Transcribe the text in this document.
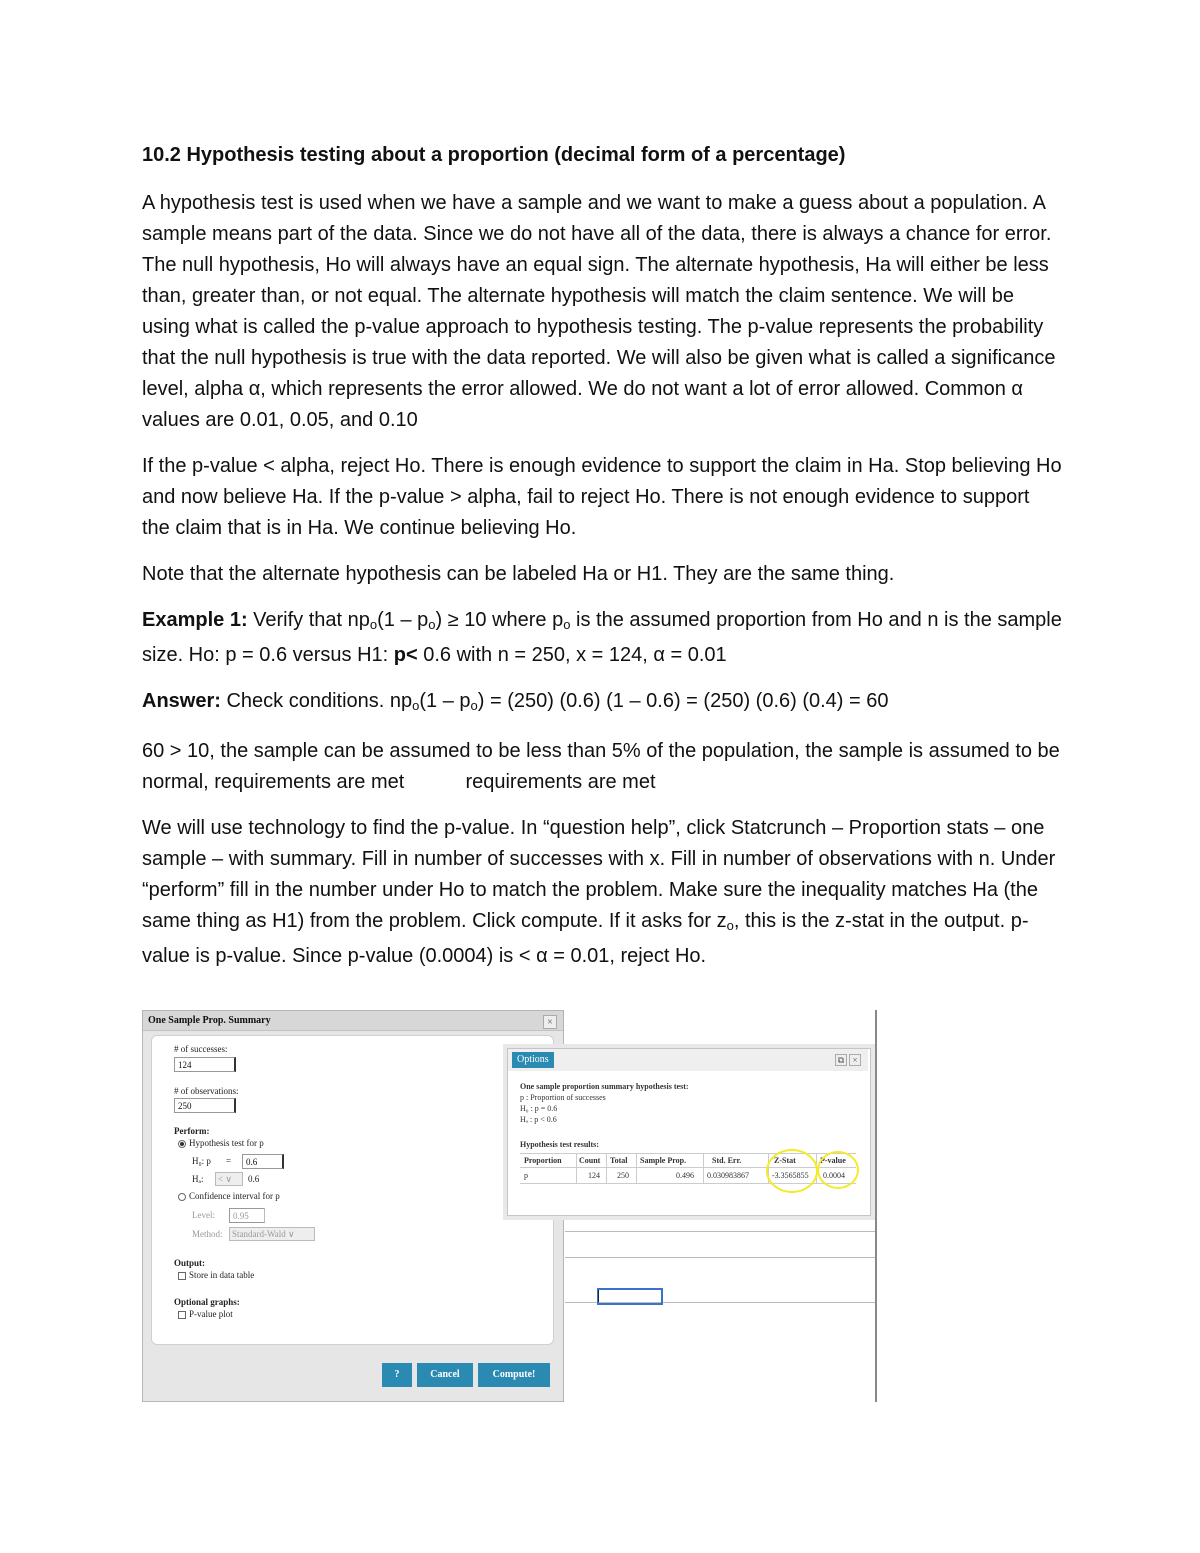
10.2 Hypothesis testing about a proportion (decimal form of a percentage)

A hypothesis test is used when we have a sample and we want to make a guess about a population. A sample means part of the data. Since we do not have all of the data, there is always a chance for error. The null hypothesis, Ho will always have an equal sign. The alternate hypothesis, Ha will either be less than, greater than, or not equal. The alternate hypothesis will match the claim sentence. We will be using what is called the p-value approach to hypothesis testing. The p-value represents the probability that the null hypothesis is true with the data reported. We will also be given what is called a significance level, alpha α, which represents the error allowed. We do not want a lot of error allowed. Common α values are 0.01, 0.05, and 0.10

If the p-value < alpha, reject Ho. There is enough evidence to support the claim in Ha. Stop believing Ho and now believe Ha. If the p-value > alpha, fail to reject Ho. There is not enough evidence to support the claim that is in Ha. We continue believing Ho.

Note that the alternate hypothesis can be labeled Ha or H1. They are the same thing.

Example 1: Verify that $np_o(1 - p_o) \ge 10$ where $p_o$ is the assumed proportion from Ho and n is the sample size. Ho: p = 0.6 versus H1: p< 0.6 with n = 250, x = 124, α = 0.01

Answer: Check conditions. $np_o(1 - p_o) = (250)$ (0.6) (1 – 0.6) = (250) (0.6) (0.4) = 60

60 > 10, the sample can be assumed to be less than 5% of the population, the sample is assumed to be normal, requirements are met           requirements are met

We will use technology to find the p-value. In “question help”, click Statcrunch – Proportion stats – one sample – with summary. Fill in number of successes with x. Fill in number of observations with n. Under “perform” fill in the number under Ho to match the problem. Make sure the inequality matches Ha (the same thing as H1) from the problem. Click compute. If it asks for $z_o$, this is the z-stat in the output. p-value is p-value. Since p-value (0.0004) is < α = 0.01, reject Ho.

One Sample Prop. Summary	×
# of successes:
124
# of observations:
250
Perform:
Hypothesis test for p
H₀: p =	0.6
Hₐ:	< ∨	0.6
Confidence interval for p
Level:	0.95
Method:	Standard-Wald ∨
Output:
Store in data table
Optional graphs:
P-value plot
?	Cancel	Compute!
Options	⧉ ×
One sample proportion summary hypothesis test:
p : Proportion of successes
H₀ : p = 0.6
Hₐ : p < 0.6
Hypothesis test results:
Proportion Count Total Sample Prop.	Std. Err.	Z-Stat	P-value
p	124 250	0.496 0.030983867	-3.3565855 0.0004
